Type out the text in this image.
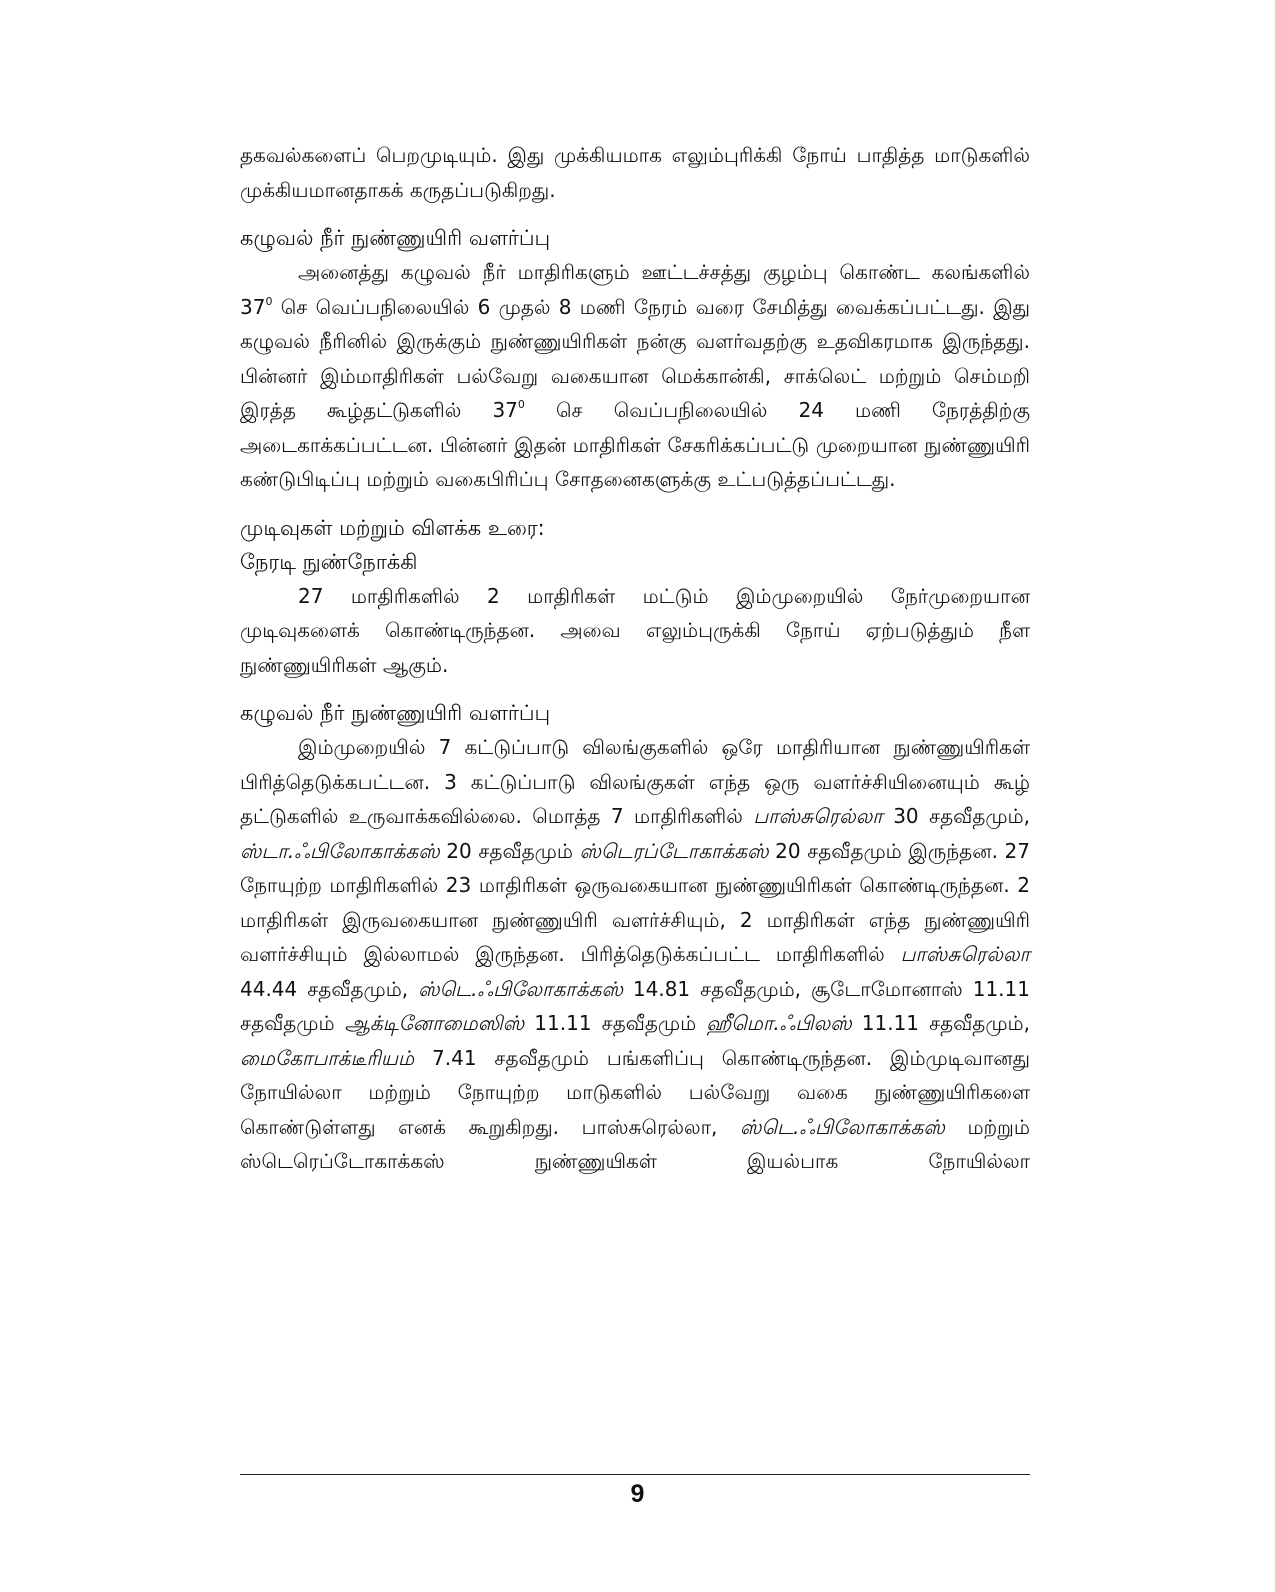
தகவல்களைப் பெறமுடியும். இது முக்கியமாக எலும்புரிக்கி நோய் பாதித்த மாடுகளில் முக்கியமானதாகக் கருதப்படுகிறது.

கழுவல் நீர் நுண்ணுயிரி வளர்ப்பு

அனைத்து கழுவல் நீர் மாதிரிகளும் ஊட்டச்சத்து குழம்பு கொண்ட கலங்களில் $37^0$ செ வெப்பநிலையில் 6 முதல் 8 மணி நேரம் வரை சேமித்து வைக்கப்பட்டது. இது கழுவல் நீரினில் இருக்கும் நுண்ணுயிரிகள் நன்கு வளர்வதற்கு உதவிகரமாக இருந்தது. பின்னர் இம்மாதிரிகள் பல்வேறு வகையான மெக்கான்கி, சாக்லெட் மற்றும் செம்மறி இரத்த கூழ்தட்டுகளில் $37^0$ செ வெப்பநிலையில் 24 மணி நேரத்திற்கு அடைகாக்கப்பட்டன. பின்னர் இதன் மாதிரிகள் சேகரிக்கப்பட்டு முறையான நுண்ணுயிரி கண்டுபிடிப்பு மற்றும் வகைபிரிப்பு சோதனைகளுக்கு உட்படுத்தப்பட்டது.

முடிவுகள் மற்றும் விளக்க உரை:
நேரடி நுண்நோக்கி

27 மாதிரிகளில் 2 மாதிரிகள் மட்டும் இம்முறையில் நேர்முறையான முடிவுகளைக் கொண்டிருந்தன. அவை எலும்புருக்கி நோய் ஏற்படுத்தும் நீள நுண்ணுயிரிகள் ஆகும்.

கழுவல் நீர் நுண்ணுயிரி வளர்ப்பு

இம்முறையில் 7 கட்டுப்பாடு விலங்குகளில் ஒரே மாதிரியான நுண்ணுயிரிகள் பிரித்தெடுக்கபட்டன. 3 கட்டுப்பாடு விலங்குகள் எந்த ஒரு வளர்ச்சியினையும் கூழ் தட்டுகளில் உருவாக்கவில்லை. மொத்த 7 மாதிரிகளில் பாஸ்சுரெல்லா 30 சதவீதமும், ஸ்டா.ஃபிலோகாக்கஸ் 20 சதவீதமும் ஸ்டெரப்டோகாக்கஸ் 20 சதவீதமும் இருந்தன. 27 நோயுற்ற மாதிரிகளில் 23 மாதிரிகள் ஒருவகையான நுண்ணுயிரிகள் கொண்டிருந்தன. 2 மாதிரிகள் இருவகையான நுண்ணுயிரி வளர்ச்சியும், 2 மாதிரிகள் எந்த நுண்ணுயிரி வளர்ச்சியும் இல்லாமல் இருந்தன. பிரித்தெடுக்கப்பட்ட மாதிரிகளில் பாஸ்சுரெல்லா 44.44 சதவீதமும், ஸ்டெ.ஃபிலோகாக்கஸ் 14.81 சதவீதமும், சூடோமோனாஸ் 11.11 சதவீதமும் ஆக்டினோமைஸிஸ் 11.11 சதவீதமும் ஹீமொ.ஃபிலஸ் 11.11 சதவீதமும், மைகோபாக்டீரியம் 7.41 சதவீதமும் பங்களிப்பு கொண்டிருந்தன. இம்முடிவானது நோயில்லா மற்றும் நோயுற்ற மாடுகளில் பல்வேறு வகை நுண்ணுயிரிகளை கொண்டுள்ளது எனக் கூறுகிறது. பாஸ்சுரெல்லா, ஸ்டெ.ஃபிலோகாக்கஸ் மற்றும் ஸ்டெரெப்டோகாக்கஸ் நுண்ணுயிகள் இயல்பாக நோயில்லா

9
